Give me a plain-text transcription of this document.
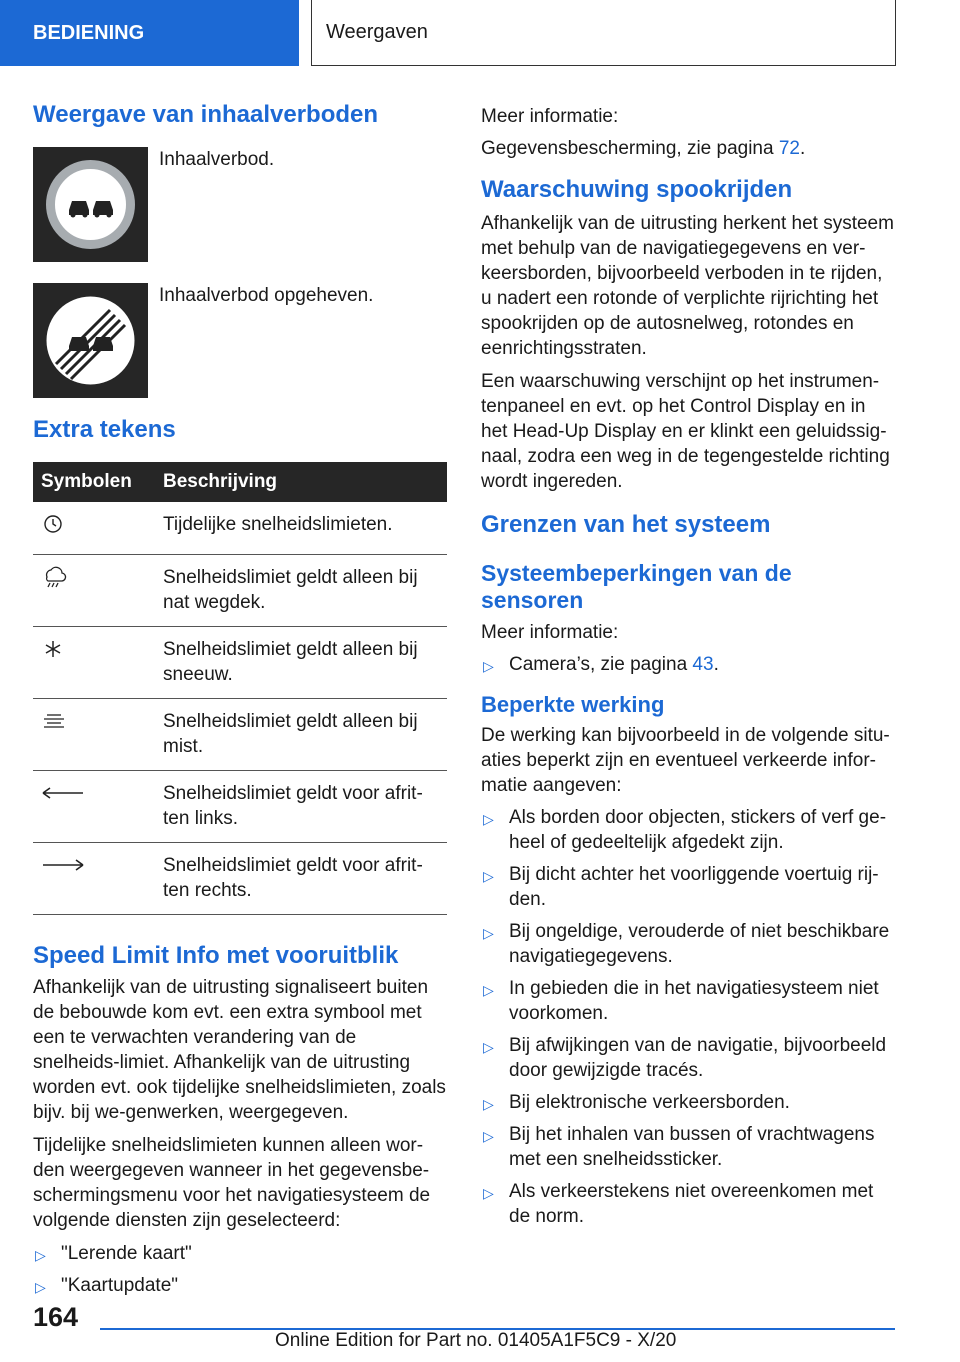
BEDIENING	Weergaven
Weergave van inhaalverboden
Inhaalverbod.
Inhaalverbod opgeheven.
Extra tekens
Symbolen	Beschrijving
	Tijdelijke snelheidslimieten.
	Snelheidslimiet geldt alleen bij nat wegdek.
	Snelheidslimiet geldt alleen bij sneeuw.
	Snelheidslimiet geldt alleen bij mist.
	Snelheidslimiet geldt voor afrit-ten links.
	Snelheidslimiet geldt voor afrit-ten rechts.
Speed Limit Info met vooruitblik

Afhankelijk van de uitrusting signaliseert buiten de bebouwde kom evt. een extra symbool met een te verwachten verandering van de snelheids-limiet. Afhankelijk van de uitrusting worden evt. ook tijdelijke snelheidslimieten, zoals bijv. bij we-genwerken, weergegeven.

Tijdelijke snelheidslimieten kunnen alleen wor-den weergegeven wanneer in het gegevensbe-schermingsmenu voor het navigatiesysteem de volgende diensten zijn geselecteerd:

▷ "Lerende kaart"
▷ "Kaartupdate"

Meer informatie:

Gegevensbescherming, zie pagina 72.

Waarschuwing spookrijden

Afhankelijk van de uitrusting herkent het systeem met behulp van de navigatiegegevens en ver-keersborden, bijvoorbeeld verboden in te rijden, u nadert een rotonde of verplichte rijrichting het spookrijden op de autosnelweg, rotondes en eenrichtingsstraten.

Een waarschuwing verschijnt op het instrumen-tenpaneel en evt. op het Control Display en in het Head-Up Display en er klinkt een geluidssig-naal, zodra een weg in de tegengestelde richting wordt ingereden.

Grenzen van het systeem
Systeembeperkingen van de sensoren

Meer informatie:

▷ Camera’s, zie pagina 43.
Beperkte werking

De werking kan bijvoorbeeld in de volgende situ-aties beperkt zijn en eventueel verkeerde infor-matie aangeven:

▷ Als borden door objecten, stickers of verf ge-heel of gedeeltelijk afgedekt zijn.
▷ Bij dicht achter het voorliggende voertuig rij-den.
▷ Bij ongeldige, verouderde of niet beschikbare navigatiegegevens.
▷ In gebieden die in het navigatiesysteem niet voorkomen.
▷ Bij afwijkingen van de navigatie, bijvoorbeeld door gewijzigde tracés.
▷ Bij elektronische verkeersborden.
▷ Bij het inhalen van bussen of vrachtwagens met een snelheidssticker.
▷ Als verkeerstekens niet overeenkomen met de norm.
164
Online Edition for Part no. 01405A1F5C9 - X/20
